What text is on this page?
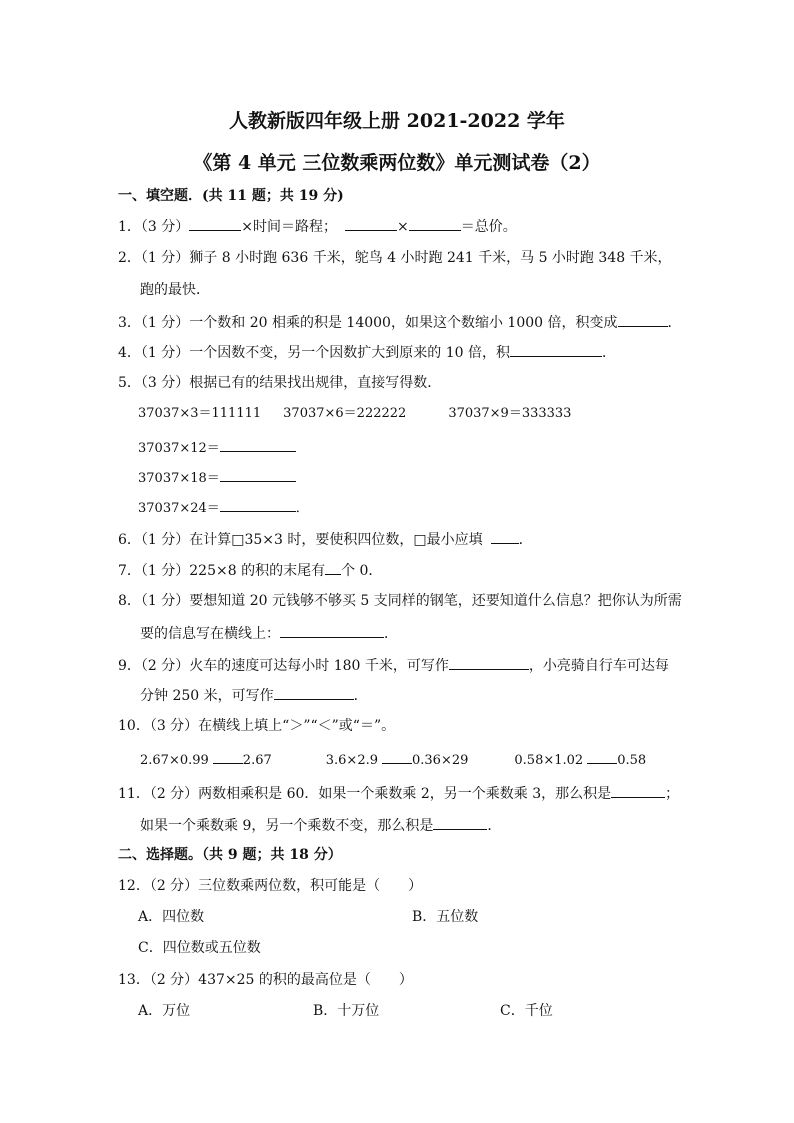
人教新版四年级上册 2021-2022 学年
《第 4 单元 三位数乘两位数》单元测试卷（2）
一、填空题．(共 11 题；共 19 分)
1．（3 分）	×时间＝路程；	×	＝总价。
2．（1 分）狮子 8 小时跑 636 千米，鸵鸟 4 小时跑 241 千米，马 5 小时跑 348 千米，
跑的最快．
3．（1 分）一个数和 20 相乘的积是 14000，如果这个数缩小 1000 倍，积变成	．
4．（1 分）一个因数不变，另一个因数扩大到原来的 10 倍，积	．
5．（3 分）根据已有的结果找出规律，直接写得数．
37037×3＝111111 37037×6＝222222	37037×9＝333333
37037×12＝
37037×18＝
37037×24＝	．
6．（1 分）在计算□35×3 时，要使积四位数，□最小应填	．
7．（1 分）225×8 的积的末尾有 个 0．
8．（1 分）要想知道 20 元钱够不够买 5 支同样的钢笔，还要知道什么信息？把你认为所需
要的信息写在横线上：	．
9．（2 分）火车的速度可达每小时 180 千米，可写作	，小亮骑自行车可达每
分钟 250 米，可写作	．
10．（3 分）在横线上填上“＞”“＜”或“＝”。
2.67×0.99	2.67	3.6×2.9	0.36×29	0.58×1.02	0.58
11．（2 分）两数相乘积是 60．如果一个乘数乘 2，另一个乘数乘 3，那么积是	；
如果一个乘数乘 9，另一个乘数不变，那么积是	．
二、选择题。（共 9 题；共 18 分）
12．（2 分）三位数乘两位数，积可能是（　　）
A．四位数	B．五位数
C．四位数或五位数
13．（2 分）437×25 的积的最高位是（　　）
A．万位	B．十万位	C．千位
